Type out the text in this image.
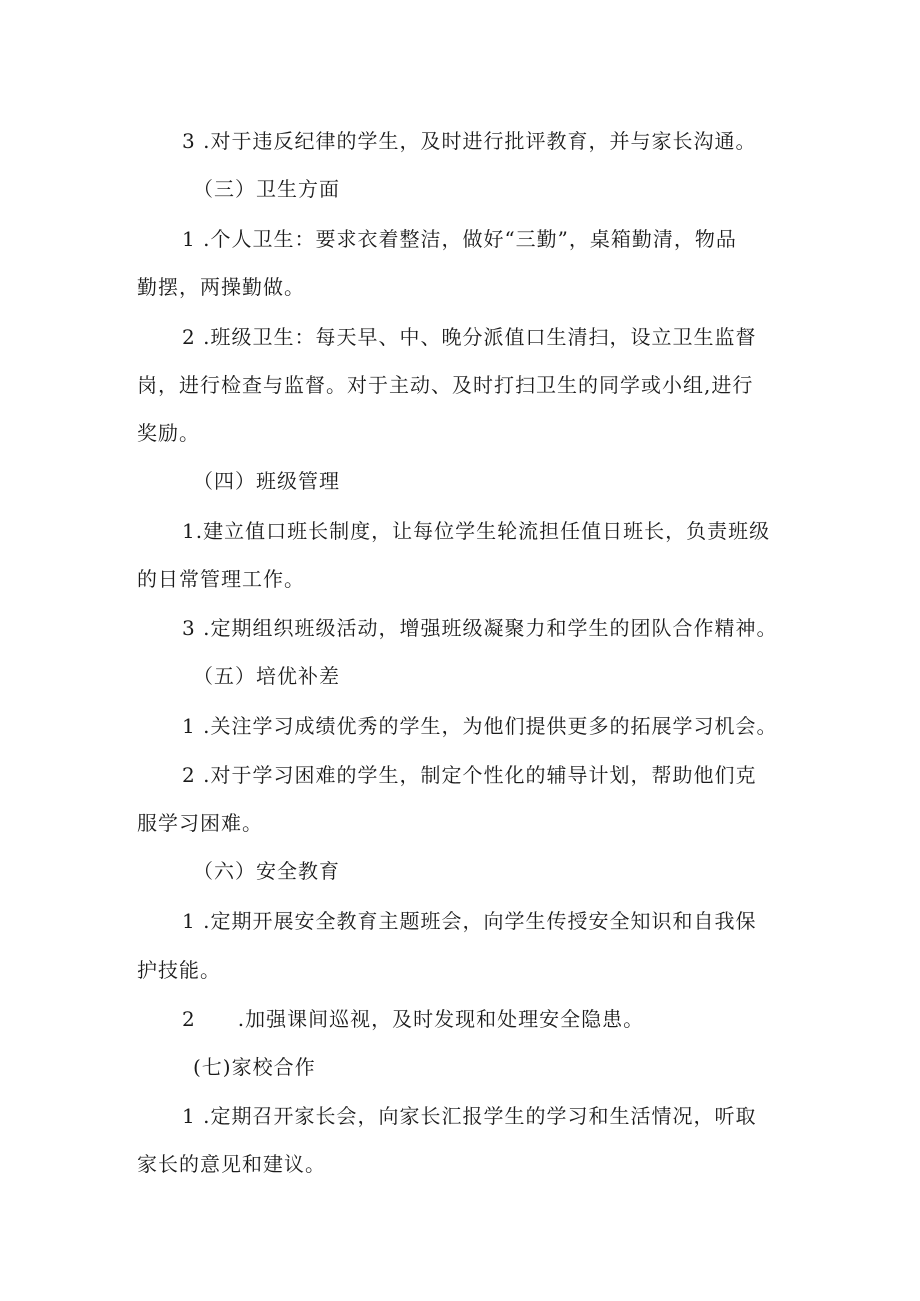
3 .对于违反纪律的学生，及时进行批评教育，并与家长沟通。
（三）卫生方面
1 .个人卫生：要求衣着整洁，做好“三勤”，桌箱勤清，物品
勤摆，两操勤做。
2 .班级卫生：每天早、中、晚分派值口生清扫，设立卫生监督
岗，进行检查与监督。对于主动、及时打扫卫生的同学或小组,进行
奖励。
（四）班级管理
1.建立值口班长制度，让每位学生轮流担任值日班长，负责班级
的日常管理工作。
3 .定期组织班级活动，增强班级凝聚力和学生的团队合作精神。
（五）培优补差
1 .关注学习成绩优秀的学生，为他们提供更多的拓展学习机会。
2 .对于学习困难的学生，制定个性化的辅导计划，帮助他们克
服学习困难。
（六）安全教育
1 .定期开展安全教育主题班会，向学生传授安全知识和自我保
护技能。
2　　.加强课间巡视，及时发现和处理安全隐患。
(七)家校合作
1 .定期召开家长会，向家长汇报学生的学习和生活情况，听取
家长的意见和建议。
